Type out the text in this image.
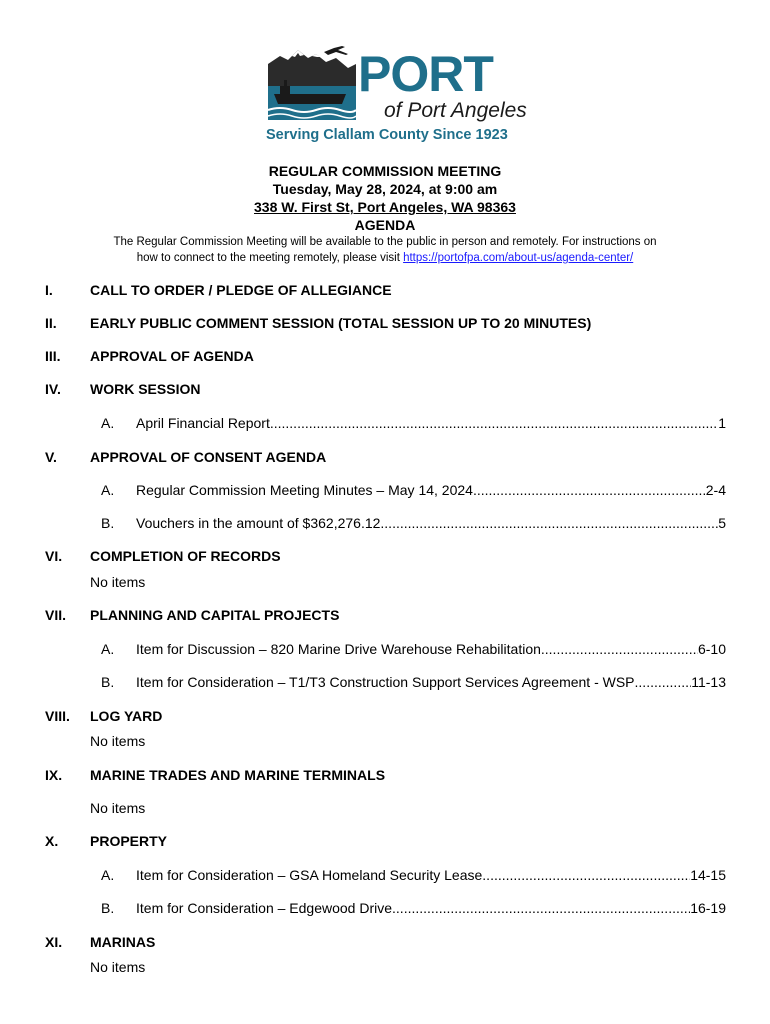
PORT
of Port Angeles
Serving Clallam County Since 1923
REGULAR COMMISSION MEETING
Tuesday, May 28, 2024, at 9:00 am
338 W. First St, Port Angeles, WA 98363
AGENDA
The Regular Commission Meeting will be available to the public in person and remotely. For instructions on
how to connect to the meeting remotely, please visit https://portofpa.com/about-us/agenda-center/
I.	CALL TO ORDER / PLEDGE OF ALLEGIANCE
II. EARLY PUBLIC COMMENT SESSION (TOTAL SESSION UP TO 20 MINUTES)
III. APPROVAL OF AGENDA
IV. WORK SESSION
A. April Financial Report .....	1
V. APPROVAL OF CONSENT AGENDA
A. Regular Commission Meeting Minutes – May 14, 2024 .....	2-4
B. Vouchers in the amount of $362,276.12 .....	5
VI. COMPLETION OF RECORDS
No items
VII. PLANNING AND CAPITAL PROJECTS
A. Item for Discussion – 820 Marine Drive Warehouse Rehabilitation .....	6-10
B. Item for Consideration – T1/T3 Construction Support Services Agreement - WSP .....	11-13
VIII. LOG YARD
No items
IX. MARINE TRADES AND MARINE TERMINALS
No items
X. PROPERTY
A. Item for Consideration – GSA Homeland Security Lease .....	14-15
B. Item for Consideration – Edgewood Drive .....	16-19
XI. MARINAS
No items
